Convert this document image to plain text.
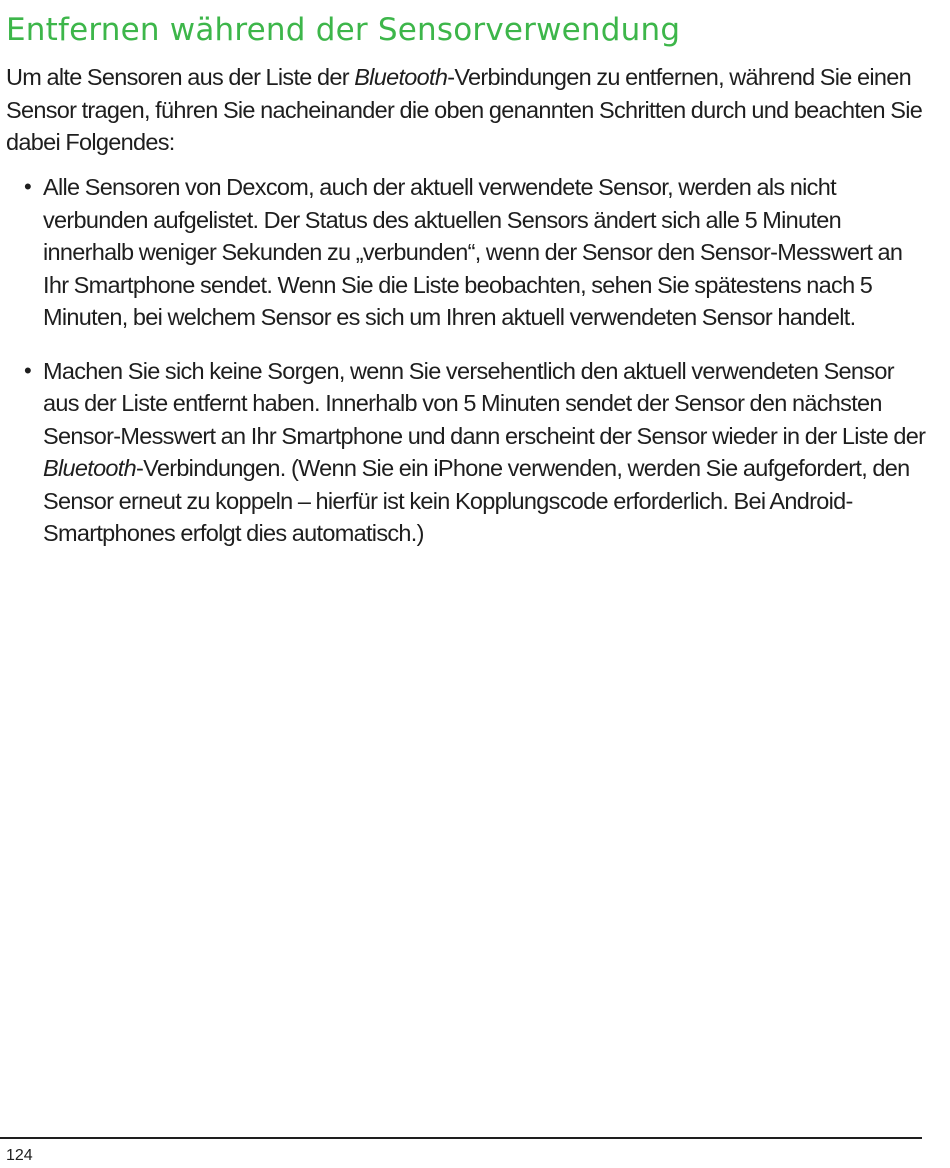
Entfernen während der Sensorverwendung

Um alte Sensoren aus der Liste der Bluetooth-Verbindungen zu entfernen, während Sie einen Sensor tragen, führen Sie nacheinander die oben genannten Schritten durch und beachten Sie dabei Folgendes:

• Alle Sensoren von Dexcom, auch der aktuell verwendete Sensor, werden als nicht verbunden aufgelistet. Der Status des aktuellen Sensors ändert sich alle 5 Minuten innerhalb weniger Sekunden zu „verbunden“, wenn der Sensor den Sensor-Messwert an Ihr Smartphone sendet. Wenn Sie die Liste beobachten, sehen Sie spätestens nach 5 Minuten, bei welchem Sensor es sich um Ihren aktuell verwendeten Sensor handelt.
• Machen Sie sich keine Sorgen, wenn Sie versehentlich den aktuell verwendeten Sensor aus der Liste entfernt haben. Innerhalb von 5 Minuten sendet der Sensor den nächsten Sensor-Messwert an Ihr Smartphone und dann erscheint der Sensor wieder in der Liste der Bluetooth-Verbindungen. (Wenn Sie ein iPhone verwenden, werden Sie aufgefordert, den Sensor erneut zu koppeln – hierfür ist kein Kopplungscode erforderlich. Bei Android-Smartphones erfolgt dies automatisch.)
124
